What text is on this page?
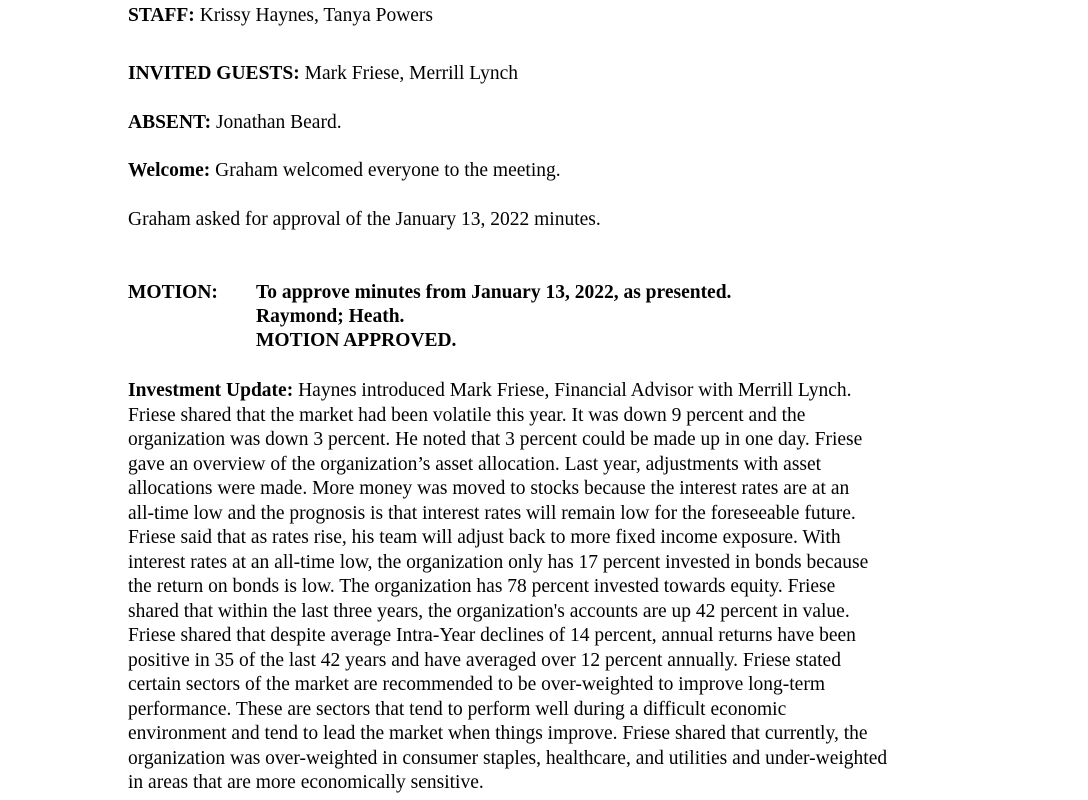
STAFF: Krissy Haynes, Tanya Powers

INVITED GUESTS: Mark Friese, Merrill Lynch

ABSENT: Jonathan Beard.

Welcome: Graham welcomed everyone to the meeting.

Graham asked for approval of the January 13, 2022 minutes.

MOTION: To approve minutes from January 13, 2022, as presented.

Raymond; Heath.

MOTION APPROVED.

Investment Update: Haynes introduced Mark Friese, Financial Advisor with Merrill Lynch.

Friese shared that the market had been volatile this year. It was down 9 percent and the

organization was down 3 percent. He noted that 3 percent could be made up in one day. Friese

gave an overview of the organization’s asset allocation. Last year, adjustments with asset

allocations were made. More money was moved to stocks because the interest rates are at an

all-time low and the prognosis is that interest rates will remain low for the foreseeable future.

Friese said that as rates rise, his team will adjust back to more fixed income exposure. With

interest rates at an all-time low, the organization only has 17 percent invested in bonds because

the return on bonds is low. The organization has 78 percent invested towards equity. Friese

shared that within the last three years, the organization's accounts are up 42 percent in value.

Friese shared that despite average Intra-Year declines of 14 percent, annual returns have been

positive in 35 of the last 42 years and have averaged over 12 percent annually. Friese stated

certain sectors of the market are recommended to be over-weighted to improve long-term

performance. These are sectors that tend to perform well during a difficult economic

environment and tend to lead the market when things improve. Friese shared that currently, the

organization was over-weighted in consumer staples, healthcare, and utilities and under-weighted

in areas that are more economically sensitive.
